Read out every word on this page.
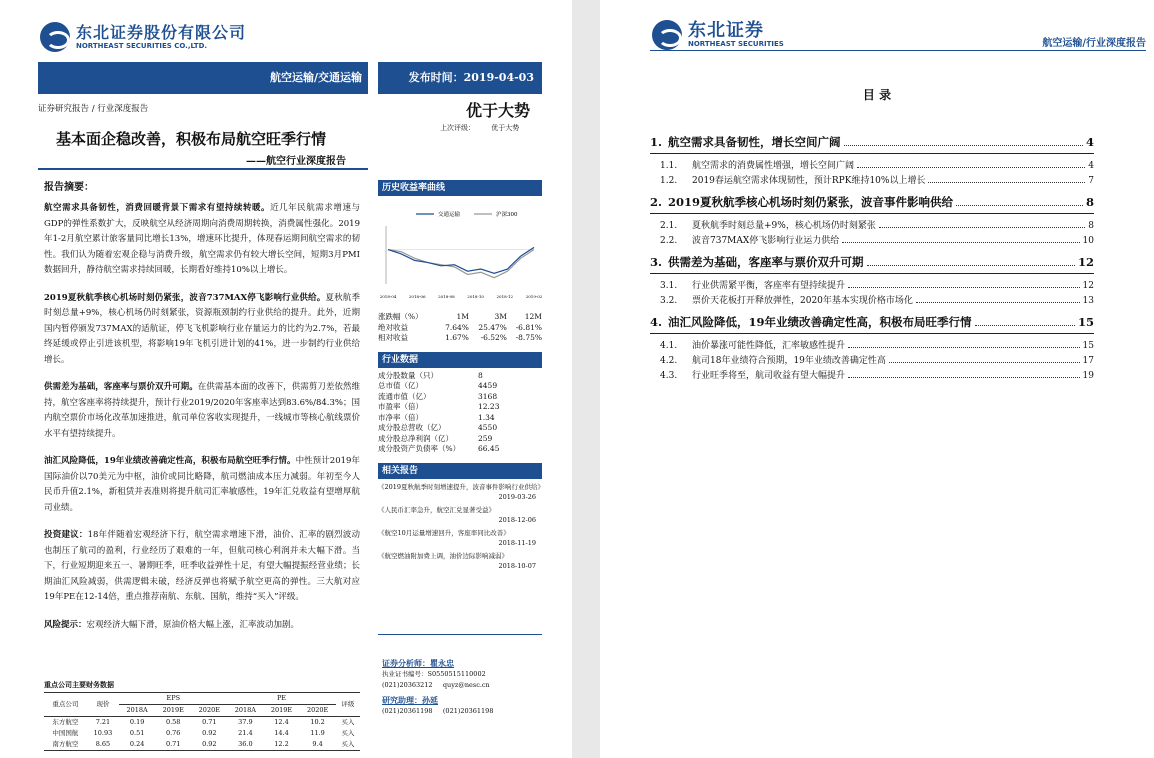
东北证券股份有限公司
NORTHEAST SECURITIES CO.,LTD.
航空运输/交通运输	发布时间：2019-04-03
证券研究报告 / 行业深度报告	优于大势
上次评级： 优于大势
基本面企稳改善，积极布局航空旺季行情
——航空行业深度报告
报告摘要：

航空需求具备韧性，消费回暖背景下需求有望持续转暖。近几年民航需求增速与GDP的弹性系数扩大，反映航空从经济周期向消费周期转换，消费属性强化。2019年1-2月航空累计旅客量同比增长13%，增速环比提升，体现春运期间航空需求的韧性。我们认为随着宏观企稳与消费升级，航空需求仍有较大增长空间，短期3月PMI数据回升，静待航空需求持续回暖，长期看好维持10%以上增长。

2019夏秋航季核心机场时刻仍紧张，波音737MAX停飞影响行业供给。夏秋航季时刻总量+9%，核心机场仍时刻紧张，资源瓶颈制约行业供给的提升。此外，近期国内暂停颁发737MAX的适航证，停飞飞机影响行业存量运力的比约为2.7%，若最终延缓或停止引进该机型，将影响19年飞机引进计划的41%，进一步制约行业供给增长。

供需差为基础，客座率与票价双升可期。在供需基本面的改善下，供需剪刀差依然维持，航空客座率将持续提升，预计行业2019/2020年客座率达到83.6%/84.3%；国内航空票价市场化改革加速推进，航司单位客收实现提升，一线城市等核心航线票价水平有望持续提升。

油汇风险降低，19年业绩改善确定性高，积极布局航空旺季行情。中性预计2019年国际油价以70美元为中枢，油价或同比略降，航司燃油成本压力减弱。年初至今人民币升值2.1%，新租赁并表准则将提升航司汇率敏感性，19年汇兑收益有望增厚航司业绩。

投资建议：18年伴随着宏观经济下行，航空需求增速下滑，油价、汇率的剧烈波动也制压了航司的盈利，行业经历了艰难的一年，但航司核心利润并未大幅下滑。当下，行业短期迎来五一、暑期旺季，旺季收益弹性十足，有望大幅提振经营业绩；长期油汇风险减弱，供需逻辑未破，经济反弹也将赋予航空更高的弹性。三大航对应19年PE在12-14倍，重点推荐南航、东航、国航，维持“买入”评级。

风险提示：宏观经济大幅下滑，原油价格大幅上涨，汇率波动加剧。

重点公司主要财务数据
重点公司	现价	EPS			PE			评级
		2018A	2019E	2020E	2018A	2019E	2020E	
东方航空	7.21	0.19	0.58	0.71	37.9	12.4	10.2	买入
中国国航	10.93	0.51	0.76	0.92	21.4	14.4	11.9	买入
南方航空	8.65	0.24	0.71	0.92	36.0	12.2	9.4	买入
历史收益率曲线
交通运输	沪深300
2018-04	2018-06	2018-08	2018-10	2018-12	2019-02
涨跌幅（%）	1M	3M	12M
绝对收益	7.64%	25.47%	-6.81%
相对收益	1.67%	-6.52%	-8.75%
行业数据
成分股数量（只）	8
总市值（亿）	4459
流通市值（亿）	3168
市盈率（倍）	12.23
市净率（倍）	1.34
成分股总营收（亿）	4550
成分股总净利润（亿）	259
成分股资产负债率（%）	66.45
相关报告
《2019夏秋航季时刻增速提升，波音事件影响行业供给》
2019-03-26
《人民币汇率急升，航空汇兑显著受益》
2018-12-06
《航空10月运量增速回升，客座率同比改善》
2018-11-19
《航空燃油附加费上调，油价边际影响减弱》
2018-10-07
证券分析师：瞿永忠
执业证书编号：S0550515110002
(021)20363212     quyz@nesc.cn
研究助理：孙延
(021)20361198     (021)20361198
东北证券
NORTHEAST SECURITIES	航空运输/行业深度报告
目 录
1. 航空需求具备韧性，增长空间广阔	4
1.1.	航空需求的消费属性增强，增长空间广阔	4
1.2.	2019春运航空需求体现韧性，预计RPK维持10%以上增长	7
2. 2019夏秋航季核心机场时刻仍紧张，波音事件影响供给	8
2.1.	夏秋航季时刻总量+9%，核心机场仍时刻紧张	8
2.2.	波音737MAX停飞影响行业运力供给	10
3. 供需差为基础，客座率与票价双升可期	12
3.1.	行业供需紧平衡，客座率有望持续提升	12
3.2.	票价天花板打开释放弹性，2020年基本实现价格市场化	13
4. 油汇风险降低，19年业绩改善确定性高，积极布局旺季行情	15
4.1.	油价暴涨可能性降低，汇率敏感性提升	15
4.2.	航司18年业绩符合预期，19年业绩改善确定性高	17
4.3.	行业旺季将至，航司收益有望大幅提升	19
